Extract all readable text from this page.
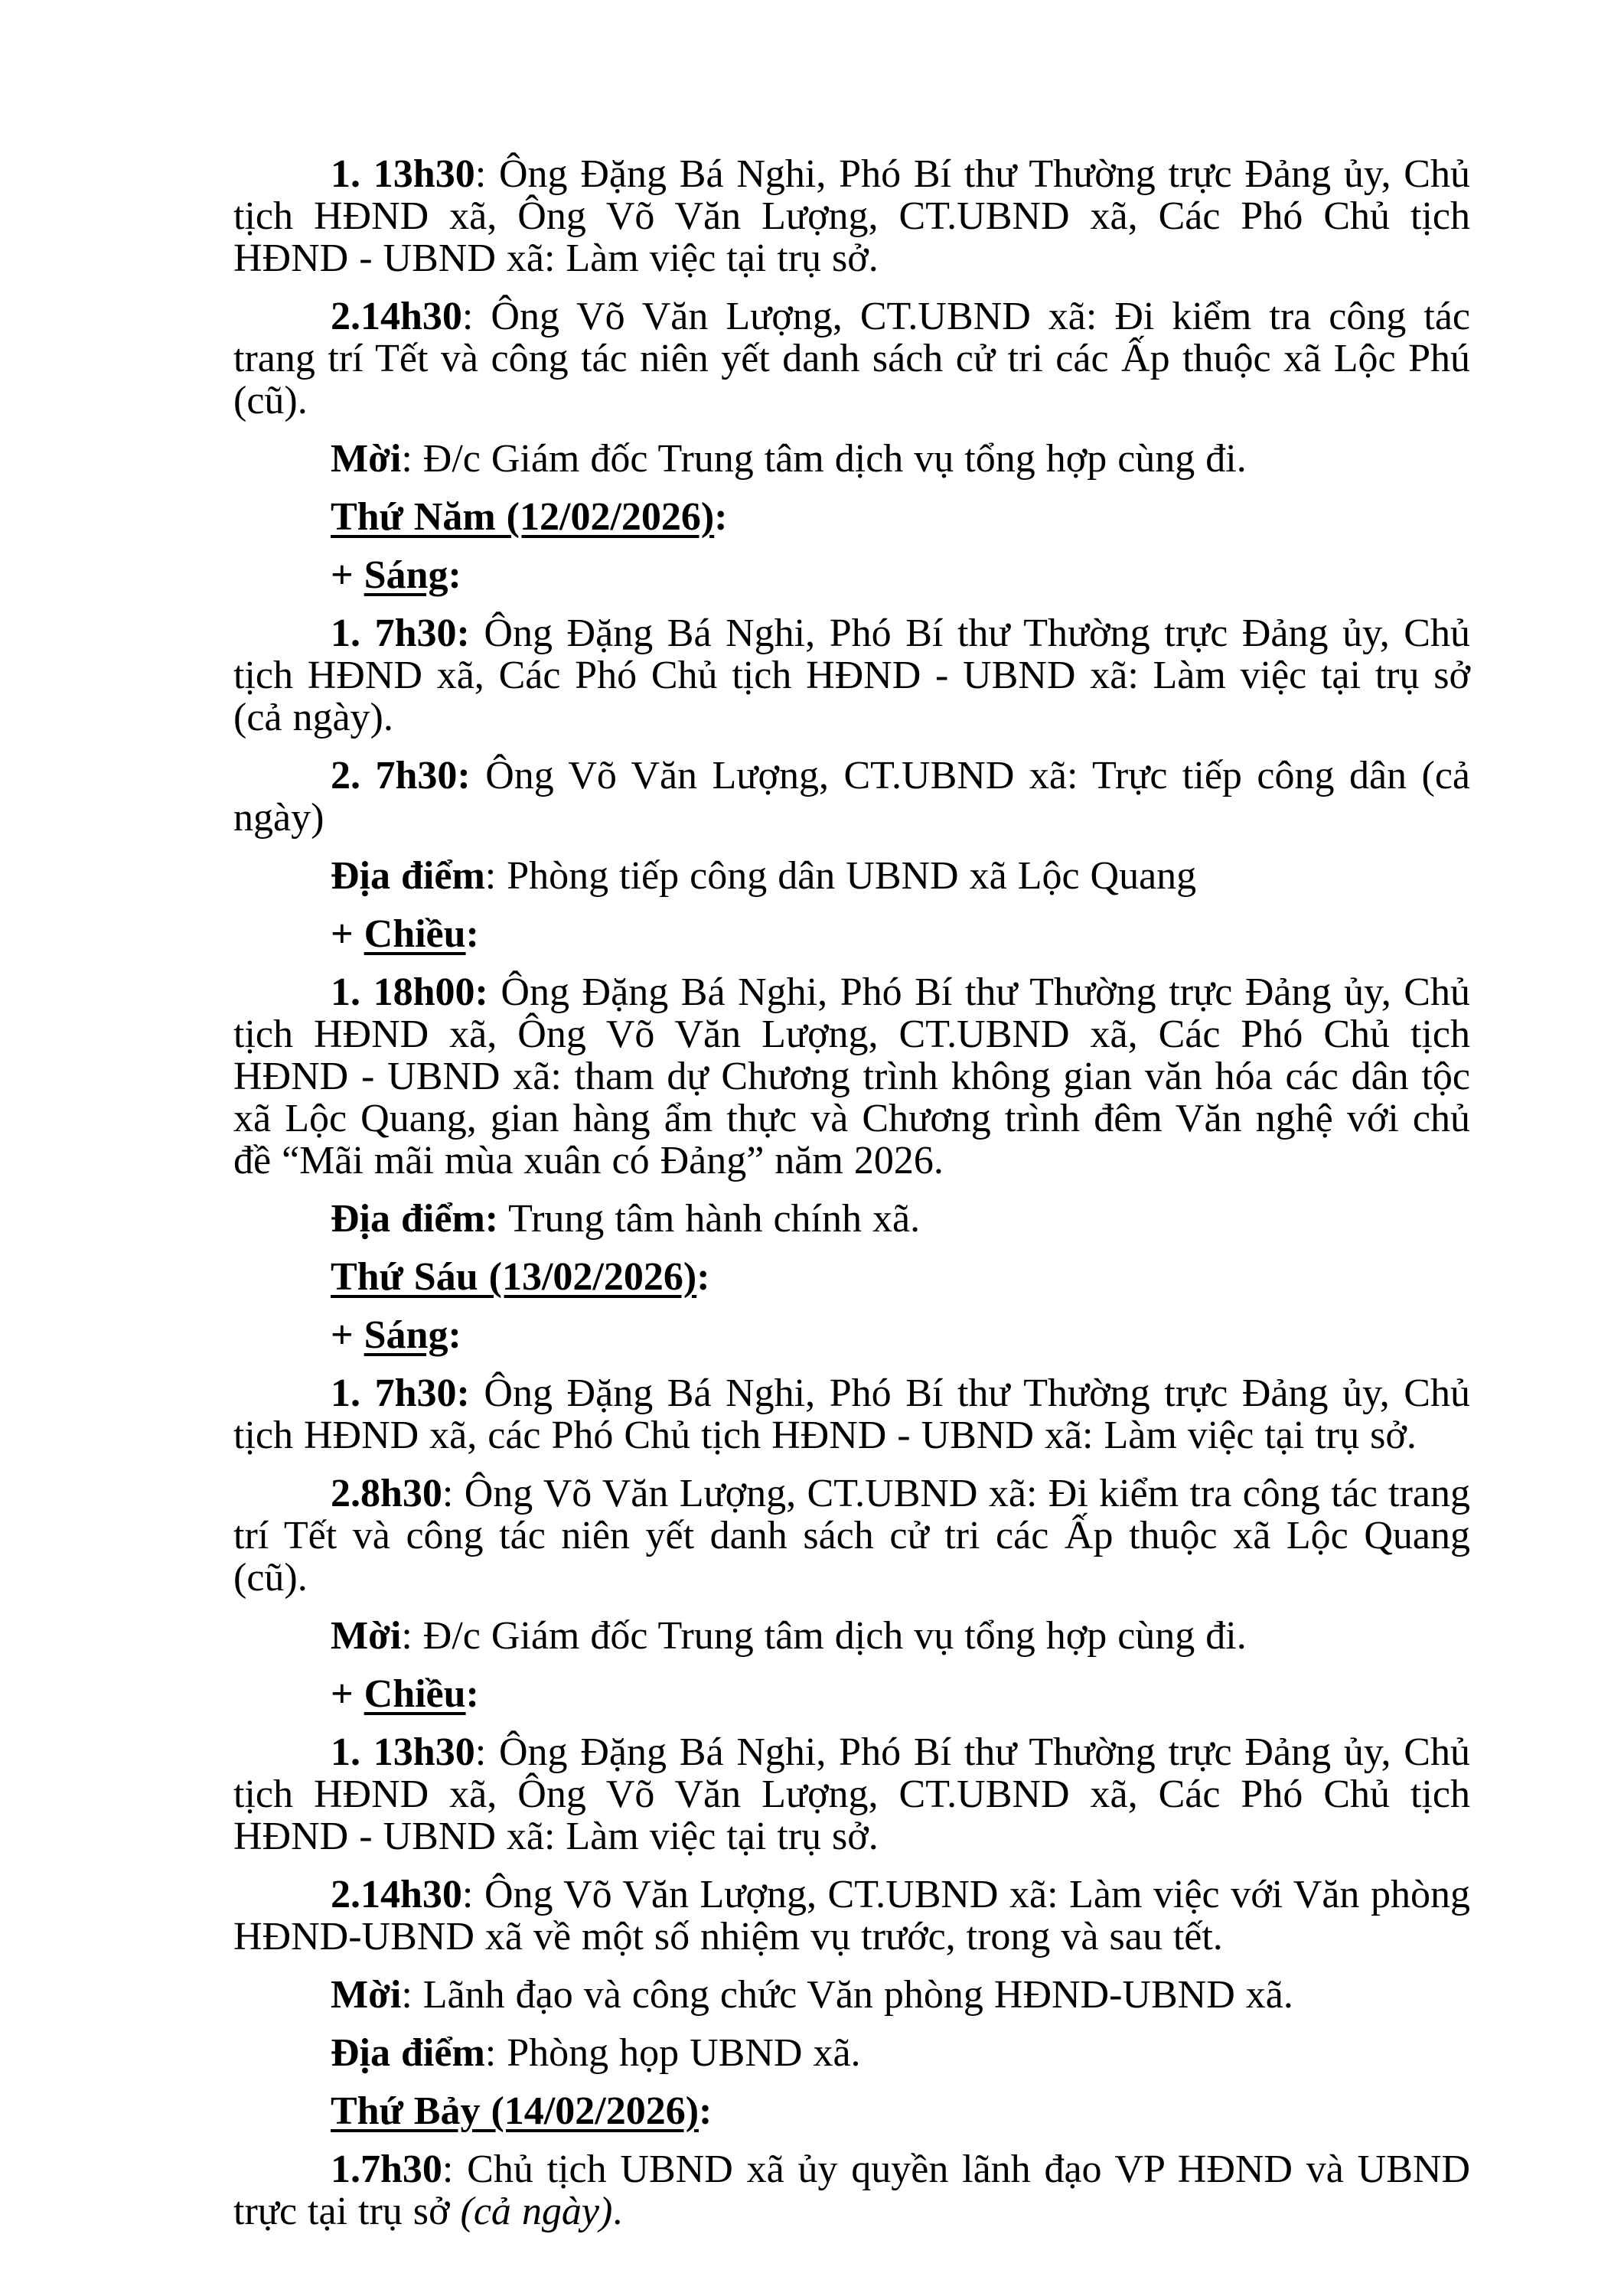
1. 13h30: Ông Đặng Bá Nghi, Phó Bí thư Thường trực Đảng ủy, Chủ tịch HĐND xã, Ông Võ Văn Lượng, CT.UBND xã, Các Phó Chủ tịch HĐND - UBND xã: Làm việc tại trụ sở.

2.14h30: Ông Võ Văn Lượng, CT.UBND xã: Đi kiểm tra công tác trang trí Tết và công tác niên yết danh sách cử tri các Ấp thuộc xã Lộc Phú (cũ).

Mời: Đ/c Giám đốc Trung tâm dịch vụ tổng hợp cùng đi.

Thứ Năm (12/02/2026):

+ Sáng:

1. 7h30: Ông Đặng Bá Nghi, Phó Bí thư Thường trực Đảng ủy, Chủ tịch HĐND xã, Các Phó Chủ tịch HĐND - UBND xã: Làm việc tại trụ sở (cả ngày).

2. 7h30: Ông Võ Văn Lượng, CT.UBND xã: Trực tiếp công dân (cả ngày)

Địa điểm: Phòng tiếp công dân UBND xã Lộc Quang

+ Chiều:

1. 18h00: Ông Đặng Bá Nghi, Phó Bí thư Thường trực Đảng ủy, Chủ tịch HĐND xã, Ông Võ Văn Lượng, CT.UBND xã, Các Phó Chủ tịch HĐND - UBND xã: tham dự Chương trình không gian văn hóa các dân tộc xã Lộc Quang, gian hàng ẩm thực và Chương trình đêm Văn nghệ với chủ đề “Mãi mãi mùa xuân có Đảng” năm 2026.

Địa điểm: Trung tâm hành chính xã.

Thứ Sáu (13/02/2026):

+ Sáng:

1. 7h30: Ông Đặng Bá Nghi, Phó Bí thư Thường trực Đảng ủy, Chủ tịch HĐND xã, các Phó Chủ tịch HĐND - UBND xã: Làm việc tại trụ sở.

2.8h30: Ông Võ Văn Lượng, CT.UBND xã: Đi kiểm tra công tác trang trí Tết và công tác niên yết danh sách cử tri các Ấp thuộc xã Lộc Quang (cũ).

Mời: Đ/c Giám đốc Trung tâm dịch vụ tổng hợp cùng đi.

+ Chiều:

1. 13h30: Ông Đặng Bá Nghi, Phó Bí thư Thường trực Đảng ủy, Chủ tịch HĐND xã, Ông Võ Văn Lượng, CT.UBND xã, Các Phó Chủ tịch HĐND - UBND xã: Làm việc tại trụ sở.

2.14h30: Ông Võ Văn Lượng, CT.UBND xã: Làm việc với Văn phòng HĐND-UBND xã về một số nhiệm vụ trước, trong và sau tết.

Mời: Lãnh đạo và công chức Văn phòng HĐND-UBND xã.

Địa điểm: Phòng họp UBND xã.

Thứ Bảy (14/02/2026):

1.7h30: Chủ tịch UBND xã ủy quyền lãnh đạo VP HĐND và UBND trực tại trụ sở (cả ngày).
